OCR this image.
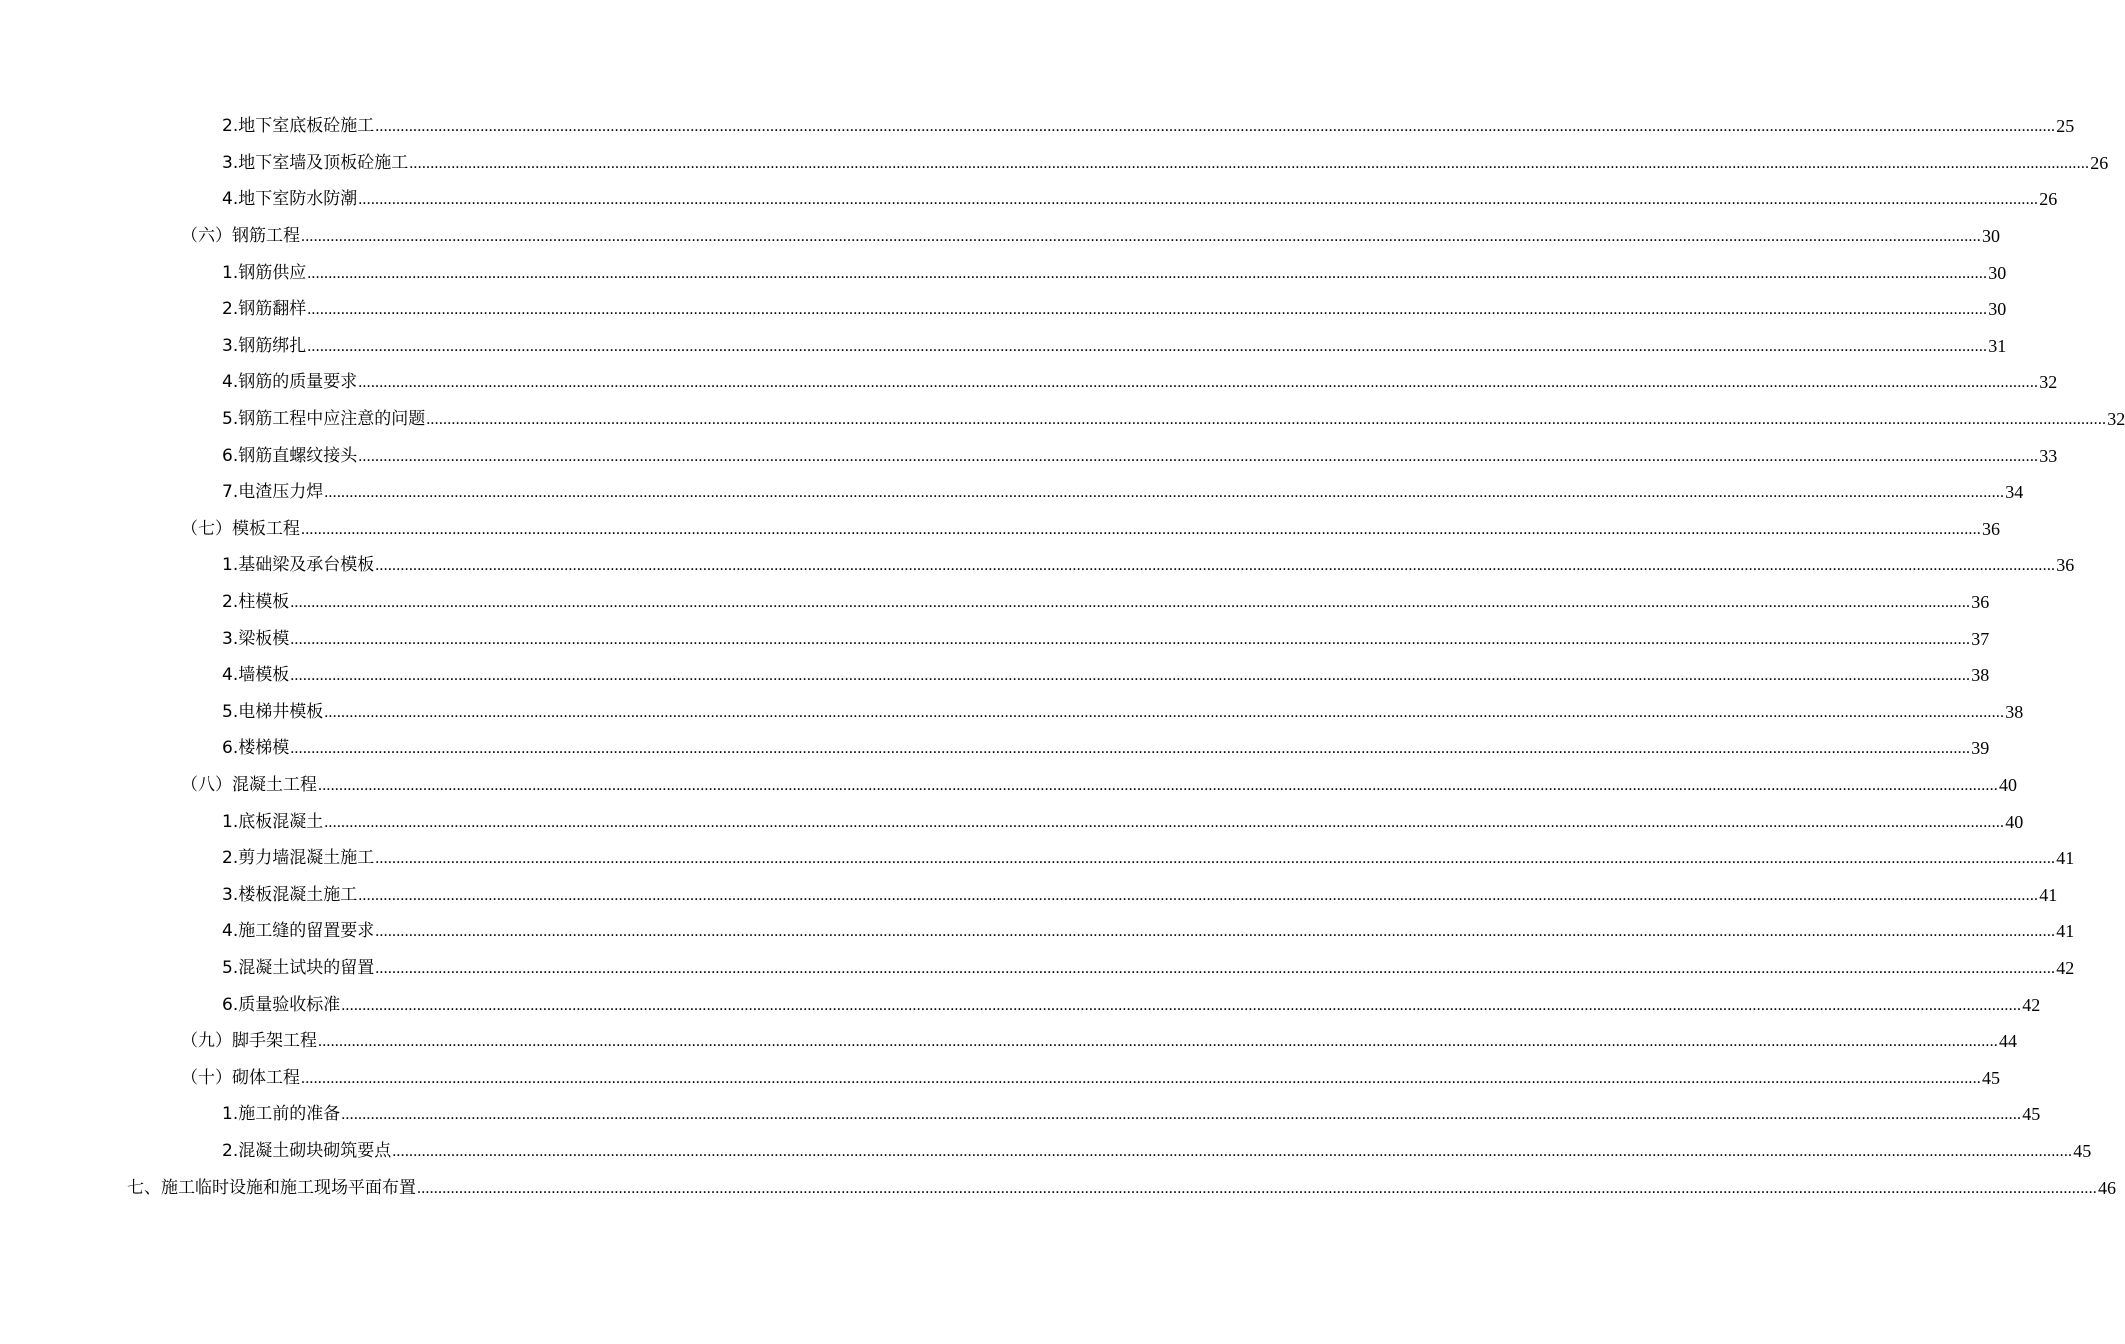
2.地下室底板砼施工 ................................................................................................................................................................................................................................................................................................................................................................................................................ 25
3.地下室墙及顶板砼施工 ................................................................................................................................................................................................................................................................................................................................................................................................................ 26
4.地下室防水防潮 ................................................................................................................................................................................................................................................................................................................................................................................................................ 26
（六）钢筋工程 ................................................................................................................................................................................................................................................................................................................................................................................................................ 30
1.钢筋供应 ................................................................................................................................................................................................................................................................................................................................................................................................................ 30
2.钢筋翻样 ................................................................................................................................................................................................................................................................................................................................................................................................................ 30
3.钢筋绑扎 ................................................................................................................................................................................................................................................................................................................................................................................................................ 31
4.钢筋的质量要求 ................................................................................................................................................................................................................................................................................................................................................................................................................ 32
5.钢筋工程中应注意的问题 ................................................................................................................................................................................................................................................................................................................................................................................................................ 32
6.钢筋直螺纹接头 ................................................................................................................................................................................................................................................................................................................................................................................................................ 33
7.电渣压力焊 ................................................................................................................................................................................................................................................................................................................................................................................................................ 34
（七）模板工程 ................................................................................................................................................................................................................................................................................................................................................................................................................ 36
1.基础梁及承台模板 ................................................................................................................................................................................................................................................................................................................................................................................................................ 36
2.柱模板 ................................................................................................................................................................................................................................................................................................................................................................................................................ 36
3.梁板模 ................................................................................................................................................................................................................................................................................................................................................................................................................ 37
4.墙模板 ................................................................................................................................................................................................................................................................................................................................................................................................................ 38
5.电梯井模板 ................................................................................................................................................................................................................................................................................................................................................................................................................ 38
6.楼梯模 ................................................................................................................................................................................................................................................................................................................................................................................................................ 39
（八）混凝土工程 ................................................................................................................................................................................................................................................................................................................................................................................................................ 40
1.底板混凝土 ................................................................................................................................................................................................................................................................................................................................................................................................................ 40
2.剪力墙混凝土施工 ................................................................................................................................................................................................................................................................................................................................................................................................................ 41
3.楼板混凝土施工 ................................................................................................................................................................................................................................................................................................................................................................................................................ 41
4.施工缝的留置要求 ................................................................................................................................................................................................................................................................................................................................................................................................................ 41
5.混凝土试块的留置 ................................................................................................................................................................................................................................................................................................................................................................................................................ 42
6.质量验收标准 ................................................................................................................................................................................................................................................................................................................................................................................................................ 42
（九）脚手架工程 ................................................................................................................................................................................................................................................................................................................................................................................................................ 44
（十）砌体工程 ................................................................................................................................................................................................................................................................................................................................................................................................................ 45
1.施工前的准备 ................................................................................................................................................................................................................................................................................................................................................................................................................ 45
2.混凝土砌块砌筑要点 ................................................................................................................................................................................................................................................................................................................................................................................................................ 45
七、施工临时设施和施工现场平面布置 ................................................................................................................................................................................................................................................................................................................................................................................................................ 46
